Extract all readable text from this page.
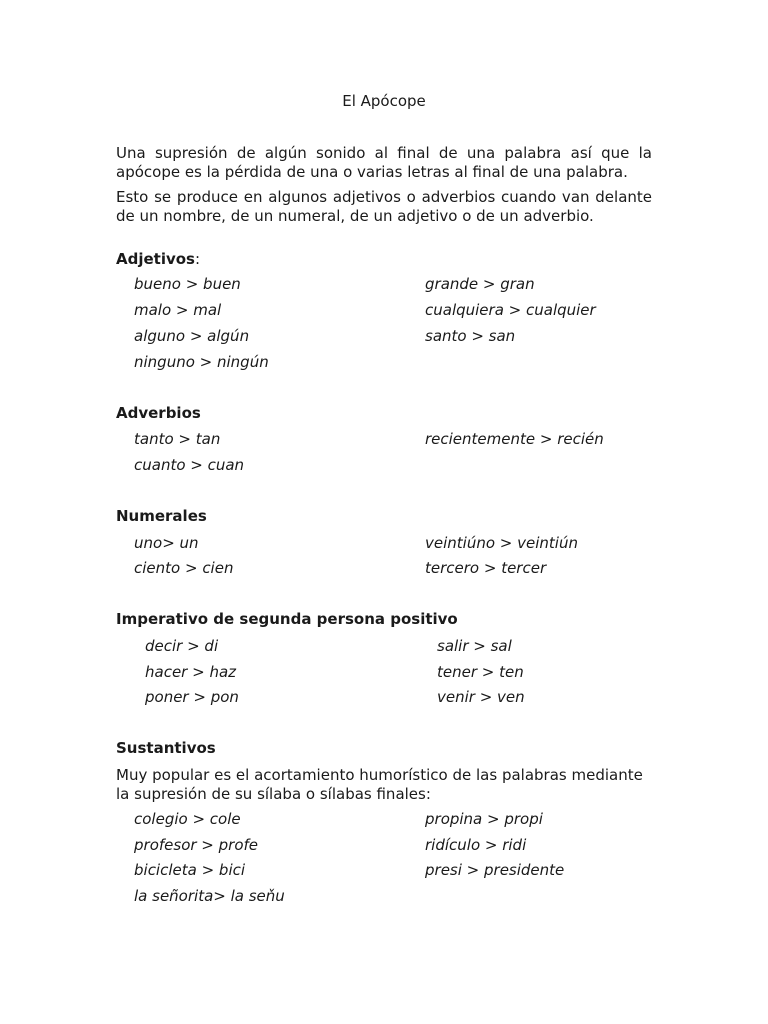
El Apócope

Una supresión de algún sonido al final de una palabra así que la apócope es la pérdida de una o varias letras al final de una palabra.

Esto se produce en algunos adjetivos o adverbios cuando van delante de un nombre, de un numeral, de un adjetivo o de un adverbio.

Adjetivos:
bueno > buen	grande > gran
malo > mal	cualquiera > cualquier
alguno > algún	santo > san
ninguno > ningún
Adverbios
tanto > tan	recientemente > recién
cuanto > cuan
Numerales
uno> un	veintiúno > veintiún
ciento > cien	tercero > tercer
Imperativo de segunda persona positivo
decir > di	salir > sal
hacer > haz	tener > ten
poner > pon	venir > ven
Sustantivos

Muy popular es el acortamiento humorístico de las palabras mediante la supresión de su sílaba o sílabas finales:

colegio > cole	propina > propi
profesor > profe	ridículo > ridi
bicicleta > bici	presi > presidente
la señorita> la seňu
